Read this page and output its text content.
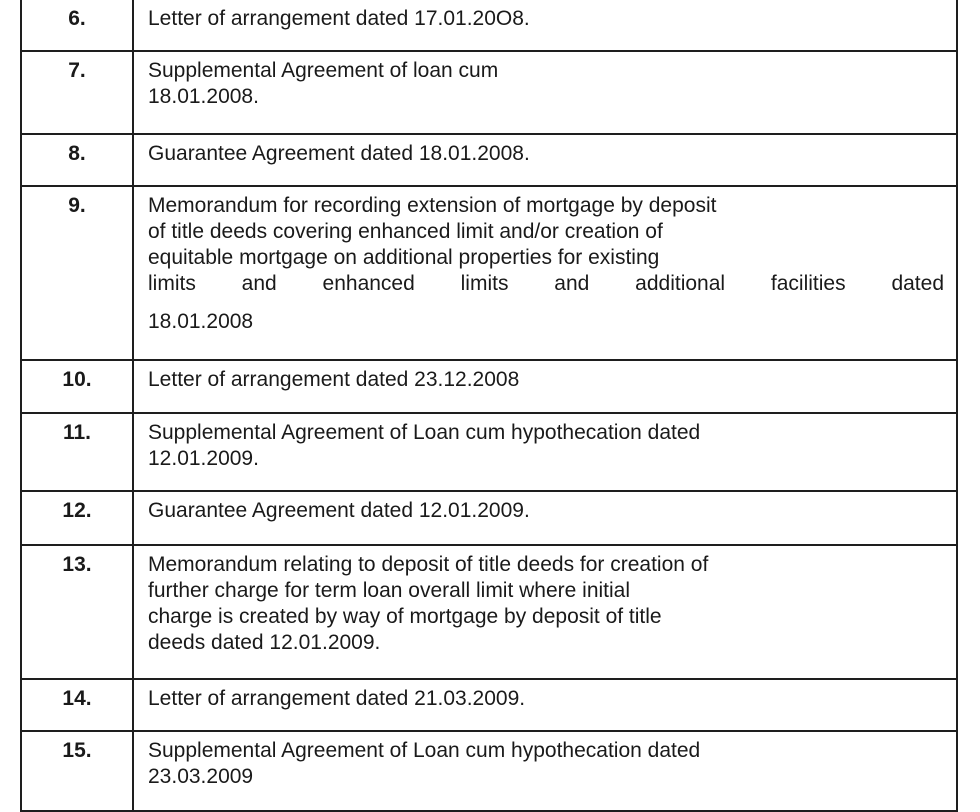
6.	Letter of arrangement dated 17.01.20O8.

7.	Supplemental Agreement of loan cum
18.01.2008.

8.	Guarantee Agreement dated 18.01.2008.

9.	Memorandum for recording extension of mortgage by deposit
of title deeds covering enhanced limit and/or creation of
equitable mortgage on additional properties for existing
limits and enhanced limits and additional facilities dated
18.01.2008

10.	Letter of arrangement dated 23.12.2008

11.	Supplemental Agreement of Loan cum hypothecation dated
12.01.2009.

12.	Guarantee Agreement dated 12.01.2009.

13.	Memorandum relating to deposit of title deeds for creation of
further charge for term loan overall limit where initial
charge is created by way of mortgage by deposit of title
deeds dated 12.01.2009.

14.	Letter of arrangement dated 21.03.2009.

15.	Supplemental Agreement of Loan cum hypothecation dated
23.03.2009
